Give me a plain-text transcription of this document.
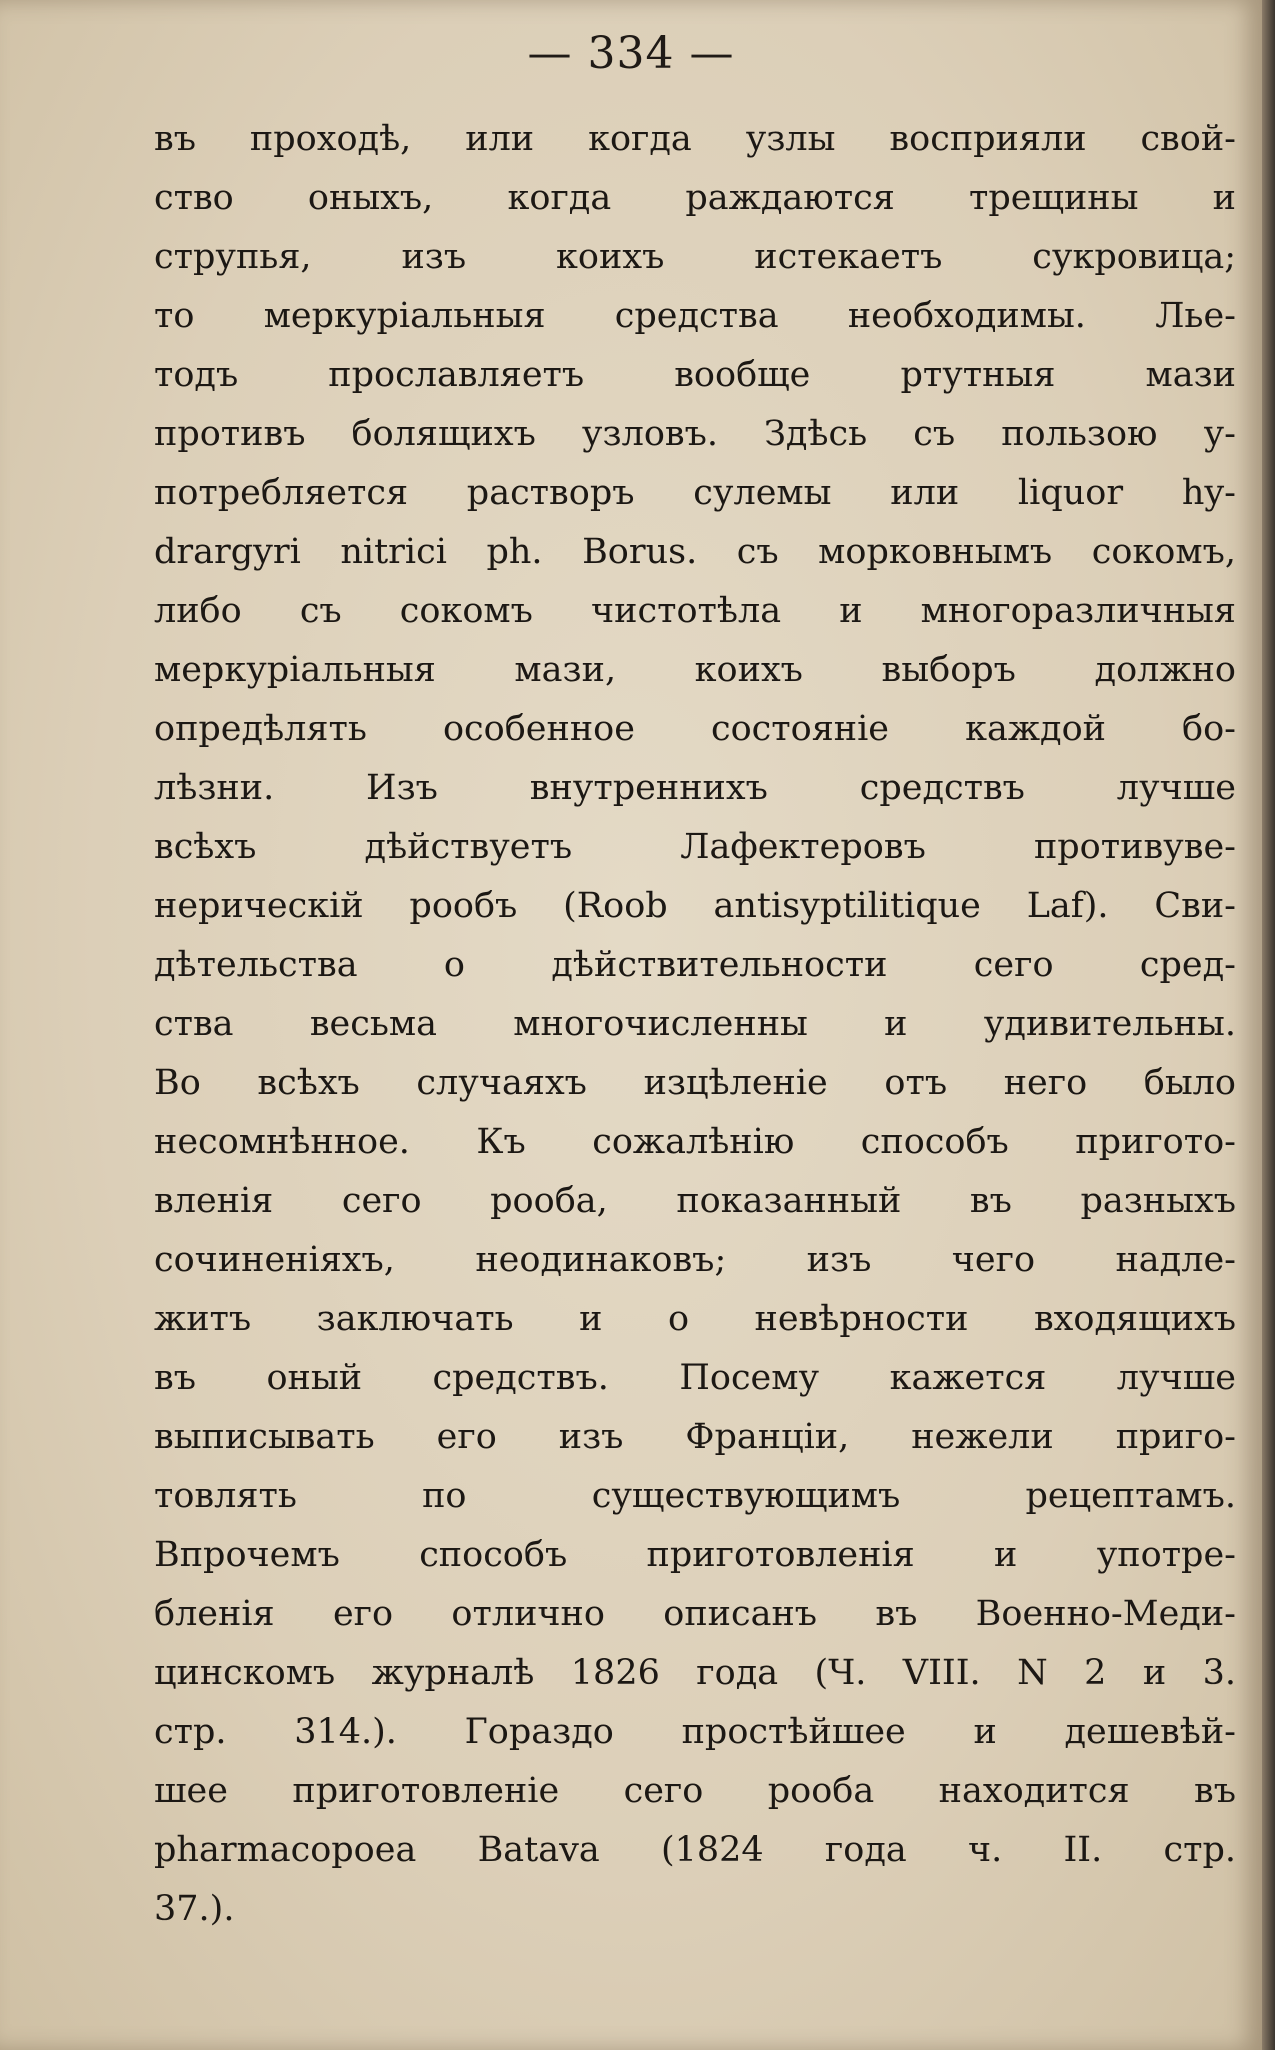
— 334 —
въ проходѣ, или когда узлы восприяли свой-
ство оныхъ, когда раждаются трещины и
струпья, изъ коихъ истекаетъ сукровица;
то меркуріальныя средства необходимы. Лье-
тодъ прославляетъ вообще ртутныя мази
противъ болящихъ узловъ. Здѣсь съ пользою у-
потребляется растворъ сулемы или liquor hy-
drargyri nitrici ph. Borus. съ морковнымъ сокомъ,
либо съ сокомъ чистотѣла и многоразличныя
меркуріальныя мази, коихъ выборъ должно
опредѣлять особенное состояніе каждой бо-
лѣзни. Изъ внутреннихъ средствъ лучше
всѣхъ дѣйствуетъ Лафектеровъ противуве-
нерическій рообъ (Roob antisyptilitique Laf). Сви-
дѣтельства о дѣйствительности сего сред-
ства весьма многочисленны и удивительны.
Во всѣхъ случаяхъ изцѣленіе отъ него было
несомнѣнное. Къ сожалѣнію способъ пригото-
вленія сего рооба, показанный въ разныхъ
сочиненіяхъ, неодинаковъ; изъ чего надле-
житъ заключать и о невѣрности входящихъ
въ оный средствъ. Посему кажется лучше
выписывать его изъ Франціи, нежели приго-
товлять по существующимъ рецептамъ.
Впрочемъ способъ приготовленія и употре-
бленія его отлично описанъ въ Военно-Меди-
цинскомъ журналѣ 1826 года (Ч. VIII. N 2 и 3.
стр. 314.). Гораздо простѣйшее и дешевѣй-
шее приготовленіе сего рооба находится въ
pharmacopoea Batava (1824 года ч. II. стр.
37.).
